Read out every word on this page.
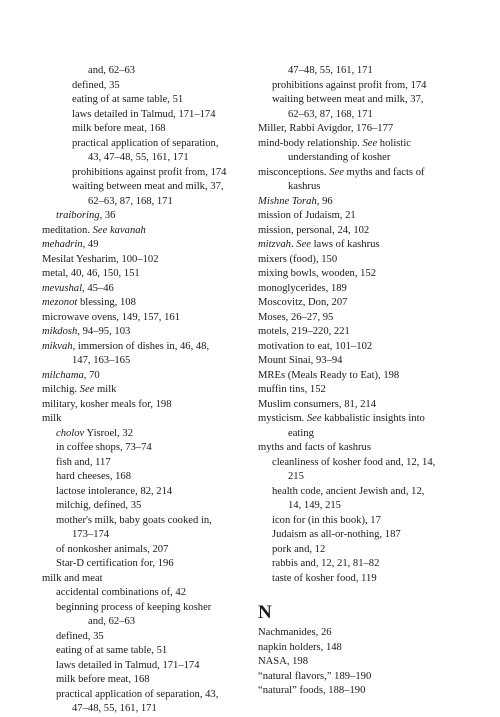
and, 62–63
defined, 35
eating of at same table, 51
laws detailed in Talmud, 171–174
milk before meat, 168
practical application of separation,
43, 47–48, 55, 161, 171
prohibitions against profit from, 174
waiting between meat and milk, 37,
62–63, 87, 168, 171
traiboring, 36
meditation. See kavanah
mehadrin, 49
Mesilat Yesharim, 100–102
metal, 40, 46, 150, 151
mevushal, 45–46
mezonot blessing, 108
microwave ovens, 149, 157, 161
mikdosh, 94–95, 103
mikvah, immersion of dishes in, 46, 48,
147, 163–165
milchama, 70
milchig. See milk
military, kosher meals for, 198
milk
cholov Yisroel, 32
in coffee shops, 73–74
fish and, 117
hard cheeses, 168
lactose intolerance, 82, 214
milchig, defined, 35
mother's milk, baby goats cooked in,
173–174
of nonkosher animals, 207
Star-D certification for, 196
milk and meat
accidental combinations of, 42
beginning process of keeping kosher
and, 62–63
defined, 35
eating of at same table, 51
laws detailed in Talmud, 171–174
milk before meat, 168
practical application of separation, 43,
47–48, 55, 161, 171
47–48, 55, 161, 171
prohibitions against profit from, 174
waiting between meat and milk, 37,
62–63, 87, 168, 171
Miller, Rabbi Avigdor, 176–177
mind-body relationship. See holistic
understanding of kosher
misconceptions. See myths and facts of
kashrus
Mishne Torah, 96
mission of Judaism, 21
mission, personal, 24, 102
mitzvah. See laws of kashrus
mixers (food), 150
mixing bowls, wooden, 152
monoglycerides, 189
Moscovitz, Don, 207
Moses, 26–27, 95
motels, 219–220, 221
motivation to eat, 101–102
Mount Sinai, 93–94
MREs (Meals Ready to Eat), 198
muffin tins, 152
Muslim consumers, 81, 214
mysticism. See kabbalistic insights into
eating
myths and facts of kashrus
cleanliness of kosher food and, 12, 14,
215
health code, ancient Jewish and, 12,
14, 149, 215
icon for (in this book), 17
Judaism as all-or-nothing, 187
pork and, 12
rabbis and, 12, 21, 81–82
taste of kosher food, 119
N
Nachmanides, 26
napkin holders, 148
NASA, 198
“natural flavors,” 189–190
“natural” foods, 188–190
